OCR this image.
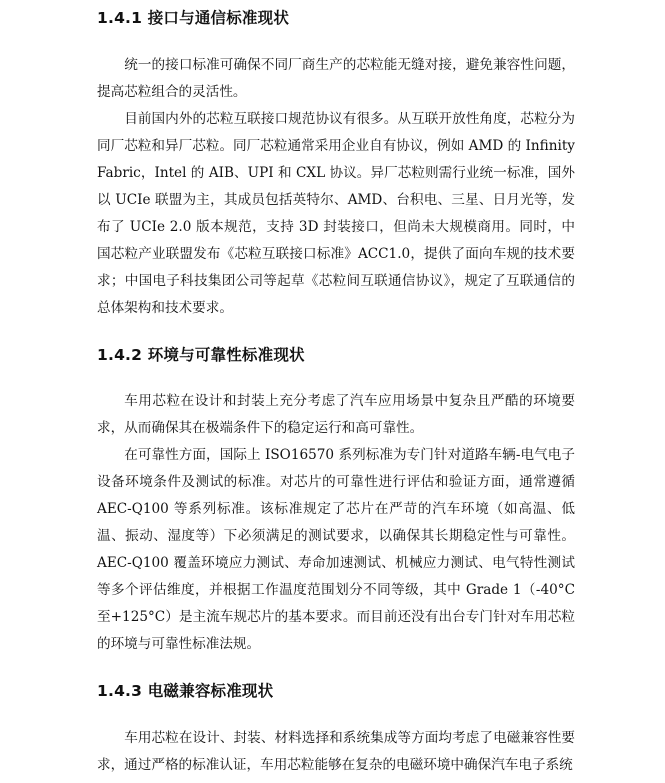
1.4.1 接口与通信标准现状

统一的接口标准可确保不同厂商生产的芯粒能无缝对接，避免兼容性问题，提高芯粒组合的灵活性。

目前国内外的芯粒互联接口规范协议有很多。从互联开放性角度，芯粒分为同厂芯粒和异厂芯粒。同厂芯粒通常采用企业自有协议，例如 AMD 的 Infinity Fabric，Intel 的 AIB、UPI 和 CXL 协议。异厂芯粒则需行业统一标准，国外以 UCIe 联盟为主，其成员包括英特尔、AMD、台积电、三星、日月光等，发布了 UCIe 2.0 版本规范，支持 3D 封装接口，但尚未大规模商用。同时，中国芯粒产业联盟发布《芯粒互联接口标准》ACC1.0，提供了面向车规的技术要求；中国电子科技集团公司等起草《芯粒间互联通信协议》，规定了互联通信的总体架构和技术要求。

1.4.2 环境与可靠性标准现状

车用芯粒在设计和封装上充分考虑了汽车应用场景中复杂且严酷的环境要求，从而确保其在极端条件下的稳定运行和高可靠性。

在可靠性方面，国际上 ISO16570 系列标准为专门针对道路车辆-电气电子设备环境条件及测试的标准。对芯片的可靠性进行评估和验证方面，通常遵循 AEC-Q100 等系列标准。该标准规定了芯片在严苛的汽车环境（如高温、低温、振动、湿度等）下必须满足的测试要求，以确保其长期稳定性与可靠性。AEC-Q100 覆盖环境应力测试、寿命加速测试、机械应力测试、电气特性测试等多个评估维度，并根据工作温度范围划分不同等级，其中 Grade 1（-40°C 至+125°C）是主流车规芯片的基本要求。而目前还没有出台专门针对车用芯粒的环境与可靠性标准法规。

1.4.3 电磁兼容标准现状

车用芯粒在设计、封装、材料选择和系统集成等方面均考虑了电磁兼容性要求，通过严格的标准认证，车用芯粒能够在复杂的电磁环境中确保汽车电子系统
